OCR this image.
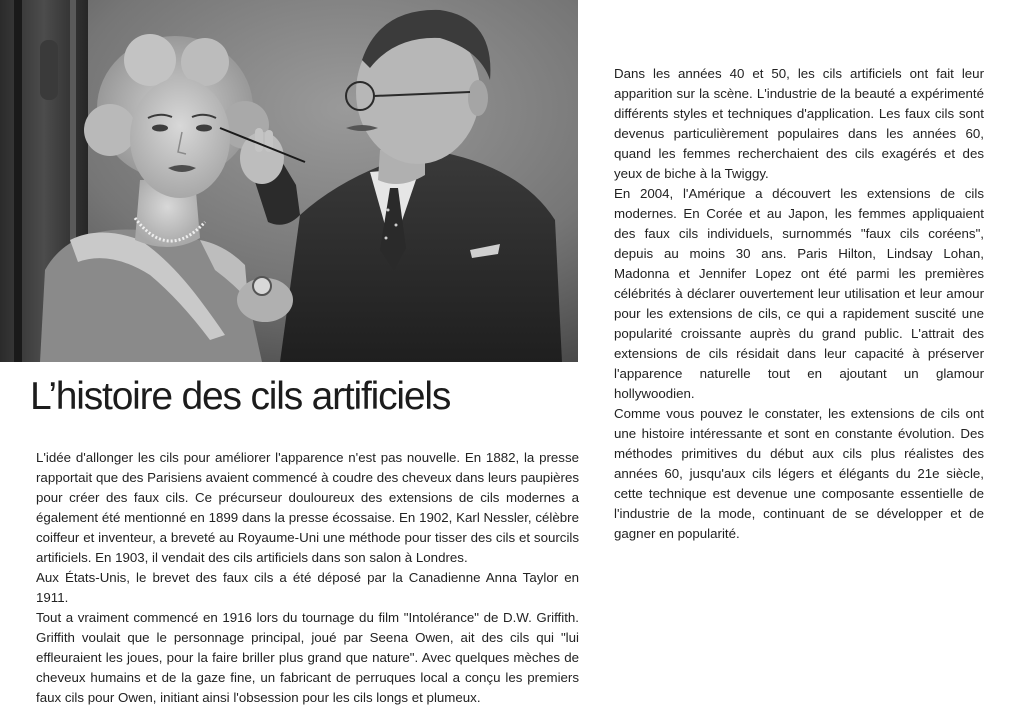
L’histoire des cils artificiels

L'idée d'allonger les cils pour améliorer l'apparence n'est pas nouvelle. En 1882, la presse rapportait que des Parisiens avaient commencé à coudre des cheveux dans leurs paupières pour créer des faux cils. Ce précurseur douloureux des extensions de cils modernes a également été mentionné en 1899 dans la presse écossaise. En 1902, Karl Nessler, célèbre coiffeur et inventeur, a breveté au Royaume-Uni une méthode pour tisser des cils et sourcils artificiels. En 1903, il vendait des cils artificiels dans son salon à Londres.

Aux États-Unis, le brevet des faux cils a été déposé par la Canadienne Anna Taylor en 1911.

Tout a vraiment commencé en 1916 lors du tournage du film "Intolérance" de D.W. Griffith. Griffith voulait que le personnage principal, joué par Seena Owen, ait des cils qui "lui effleuraient les joues, pour la faire briller plus grand que nature". Avec quelques mèches de cheveux humains et de la gaze fine, un fabricant de perruques local a conçu les premiers faux cils pour Owen, initiant ainsi l'obsession pour les cils longs et plumeux.

Dans les années 40 et 50, les cils artificiels ont fait leur apparition sur la scène. L'industrie de la beauté a expérimenté différents styles et techniques d'application. Les faux cils sont devenus particulièrement populaires dans les années 60, quand les femmes recherchaient des cils exagérés et des yeux de biche à la Twiggy.

En 2004, l'Amérique a découvert les extensions de cils modernes. En Corée et au Japon, les femmes appliquaient des faux cils individuels, surnommés "faux cils coréens", depuis au moins 30 ans. Paris Hilton, Lindsay Lohan, Madonna et Jennifer Lopez ont été parmi les premières célébrités à déclarer ouvertement leur utilisation et leur amour pour les extensions de cils, ce qui a rapidement suscité une popularité croissante auprès du grand public. L'attrait des extensions de cils résidait dans leur capacité à préserver l'apparence naturelle tout en ajoutant un glamour hollywoodien.

Comme vous pouvez le constater, les extensions de cils ont une histoire intéressante et sont en constante évolution. Des méthodes primitives du début aux cils plus réalistes des années 60, jusqu'aux cils légers et élégants du 21e siècle, cette technique est devenue une composante essentielle de l'industrie de la mode, continuant de se développer et de gagner en popularité.
